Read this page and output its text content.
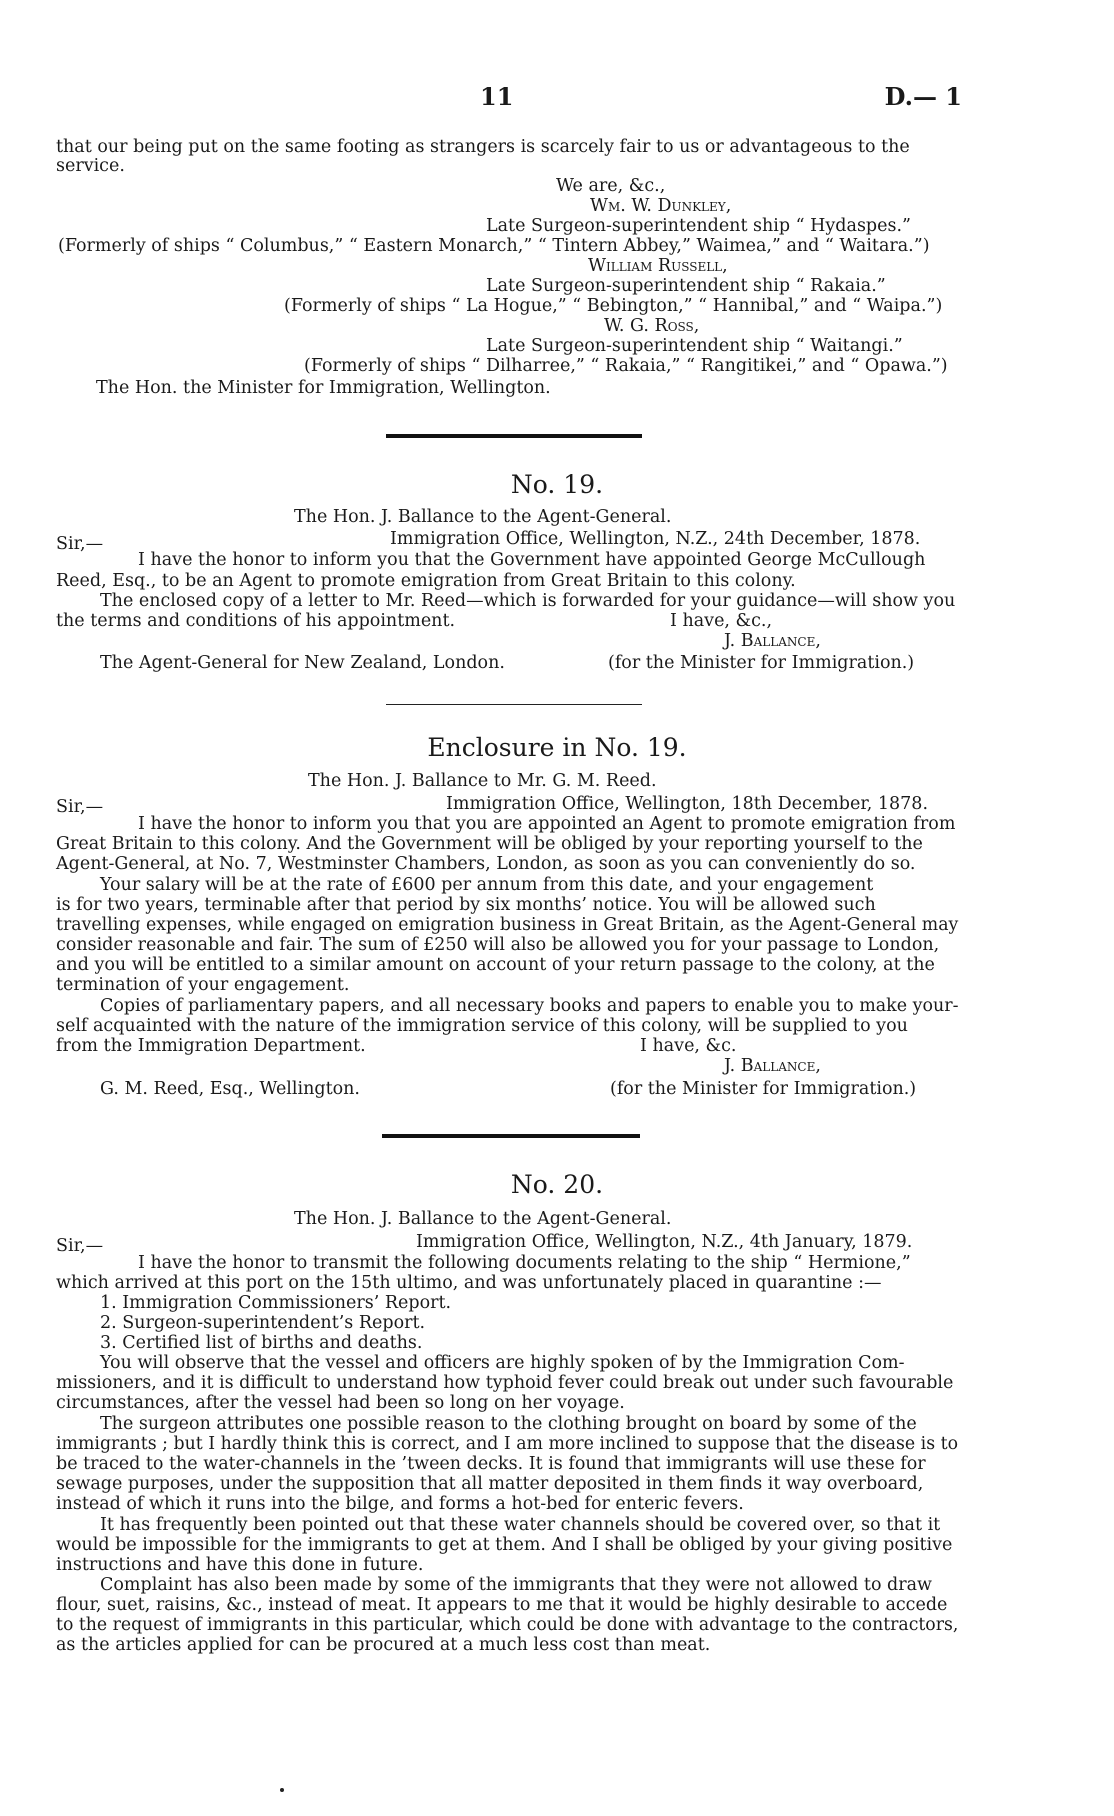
11	D.— 1
that our being put on the same footing as strangers is scarcely fair to us or advantageous to the
service.
We are, &c.,
Wm. W. Dunkley,
Late Surgeon-superintendent ship “ Hydaspes.”
(Formerly of ships “ Columbus,” “ Eastern Monarch,” “ Tintern Abbey,” Waimea,” and “ Waitara.”)
William Russell,
Late Surgeon-superintendent ship “ Rakaia.”
(Formerly of ships “ La Hogue,” “ Bebington,” “ Hannibal,” and “ Waipa.”)
W. G. Ross,
Late Surgeon-superintendent ship “ Waitangi.”
(Formerly of ships “ Dilharree,” “ Rakaia,” “ Rangitikei,” and “ Opawa.”)
The Hon. the Minister for Immigration, Wellington.
No. 19.
The Hon. J. Ballance to the Agent-General.
Sir,—	Immigration Office, Wellington, N.Z., 24th December, 1878.
I have the honor to inform you that the Government have appointed George McCullough
Reed, Esq., to be an Agent to promote emigration from Great Britain to this colony.
The enclosed copy of a letter to Mr. Reed—which is forwarded for your guidance—will show you
the terms and conditions of his appointment.	I have, &c.,
J. Ballance,
The Agent-General for New Zealand, London.	(for the Minister for Immigration.)
Enclosure in No. 19.
The Hon. J. Ballance to Mr. G. M. Reed.
Sir,—	Immigration Office, Wellington, 18th December, 1878.
I have the honor to inform you that you are appointed an Agent to promote emigration from
Great Britain to this colony. And the Government will be obliged by your reporting yourself to the
Agent-General, at No. 7, Westminster Chambers, London, as soon as you can conveniently do so.
Your salary will be at the rate of £600 per annum from this date, and your engagement
is for two years, terminable after that period by six months’ notice. You will be allowed such
travelling expenses, while engaged on emigration business in Great Britain, as the Agent-General may
consider reasonable and fair. The sum of £250 will also be allowed you for your passage to London,
and you will be entitled to a similar amount on account of your return passage to the colony, at the
termination of your engagement.
Copies of parliamentary papers, and all necessary books and papers to enable you to make your-
self acquainted with the nature of the immigration service of this colony, will be supplied to you
from the Immigration Department.	I have, &c.
J. Ballance,
G. M. Reed, Esq., Wellington.	(for the Minister for Immigration.)
No. 20.
The Hon. J. Ballance to the Agent-General.
Sir,—	Immigration Office, Wellington, N.Z., 4th January, 1879.
I have the honor to transmit the following documents relating to the ship “ Hermione,”
which arrived at this port on the 15th ultimo, and was unfortunately placed in quarantine :—
1. Immigration Commissioners’ Report.
2. Surgeon-superintendent’s Report.
3. Certified list of births and deaths.
You will observe that the vessel and officers are highly spoken of by the Immigration Com-
missioners, and it is difficult to understand how typhoid fever could break out under such favourable
circumstances, after the vessel had been so long on her voyage.
The surgeon attributes one possible reason to the clothing brought on board by some of the
immigrants ; but I hardly think this is correct, and I am more inclined to suppose that the disease is to
be traced to the water-channels in the ’tween decks. It is found that immigrants will use these for
sewage purposes, under the supposition that all matter deposited in them finds it way overboard,
instead of which it runs into the bilge, and forms a hot-bed for enteric fevers.
It has frequently been pointed out that these water channels should be covered over, so that it
would be impossible for the immigrants to get at them. And I shall be obliged by your giving positive
instructions and have this done in future.
Complaint has also been made by some of the immigrants that they were not allowed to draw
flour, suet, raisins, &c., instead of meat. It appears to me that it would be highly desirable to accede
to the request of immigrants in this particular, which could be done with advantage to the contractors,
as the articles applied for can be procured at a much less cost than meat.
